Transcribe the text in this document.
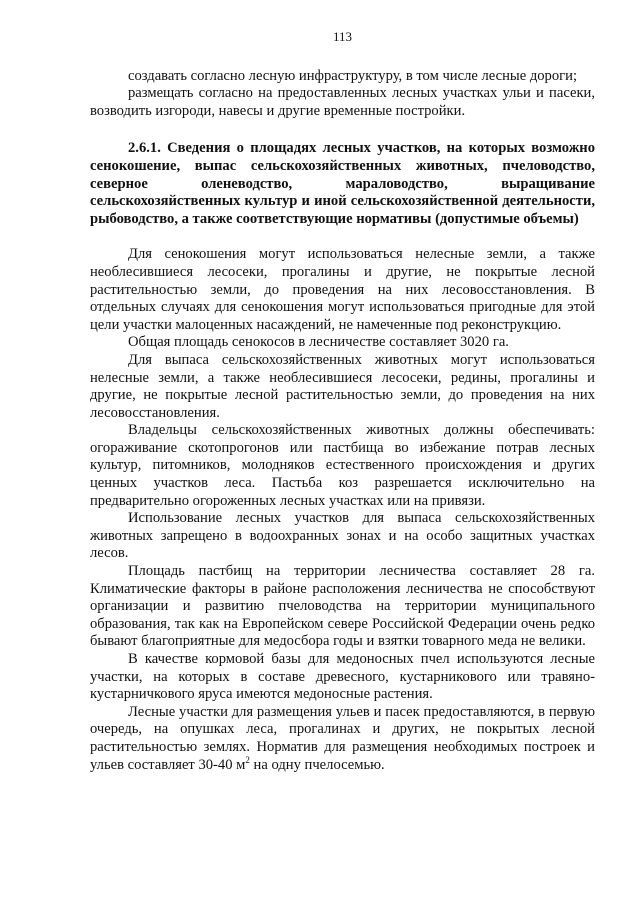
113

создавать согласно лесную инфраструктуру, в том числе лесные дороги;

размещать согласно на предоставленных лесных участках ульи и пасеки, возводить изгороди, навесы и другие временные постройки.

2.6.1. Сведения о площадях лесных участков, на которых возможно сенокошение, выпас сельскохозяйственных животных, пчеловодство, северное оленеводство, мараловодство, выращивание сельскохозяйственных культур и иной сельскохозяйственной деятельности, рыбоводство, а также соответствующие нормативы (допустимые объемы)

Для сенокошения могут использоваться нелесные земли, а также необлесившиеся лесосеки, прогалины и другие, не покрытые лесной растительностью земли, до проведения на них лесовосстановления. В отдельных случаях для сенокошения могут использоваться пригодные для этой цели участки малоценных насаждений, не намеченные под реконструкцию.

Общая площадь сенокосов в лесничестве составляет 3020 га.

Для выпаса сельскохозяйственных животных могут использоваться нелесные земли, а также необлесившиеся лесосеки, редины, прогалины и другие, не покрытые лесной растительностью земли, до проведения на них лесовосстановления.

Владельцы сельскохозяйственных животных должны обеспечивать: огораживание скотопрогонов или пастбища во избежание потрав лесных культур, питомников, молодняков естественного происхождения и других ценных участков леса. Пастьба коз разрешается исключительно на предварительно огороженных лесных участках или на привязи.

Использование лесных участков для выпаса сельскохозяйственных животных запрещено в водоохранных зонах и на особо защитных участках лесов.

Площадь пастбищ на территории лесничества составляет 28 га. Климатические факторы в районе расположения лесничества не способствуют организации и развитию пчеловодства на территории муниципального образования, так как на Европейском севере Российской Федерации очень редко бывают благоприятные для медосбора годы и взятки товарного меда не велики.

В качестве кормовой базы для медоносных пчел используются лесные участки, на которых в составе древесного, кустарникового или травяно-кустарничкового яруса имеются медоносные растения.

Лесные участки для размещения ульев и пасек предоставляются, в первую очередь, на опушках леса, прогалинах и других, не покрытых лесной растительностью землях. Норматив для размещения необходимых построек и ульев составляет 30-40 $м^2$ на одну пчелосемью.
